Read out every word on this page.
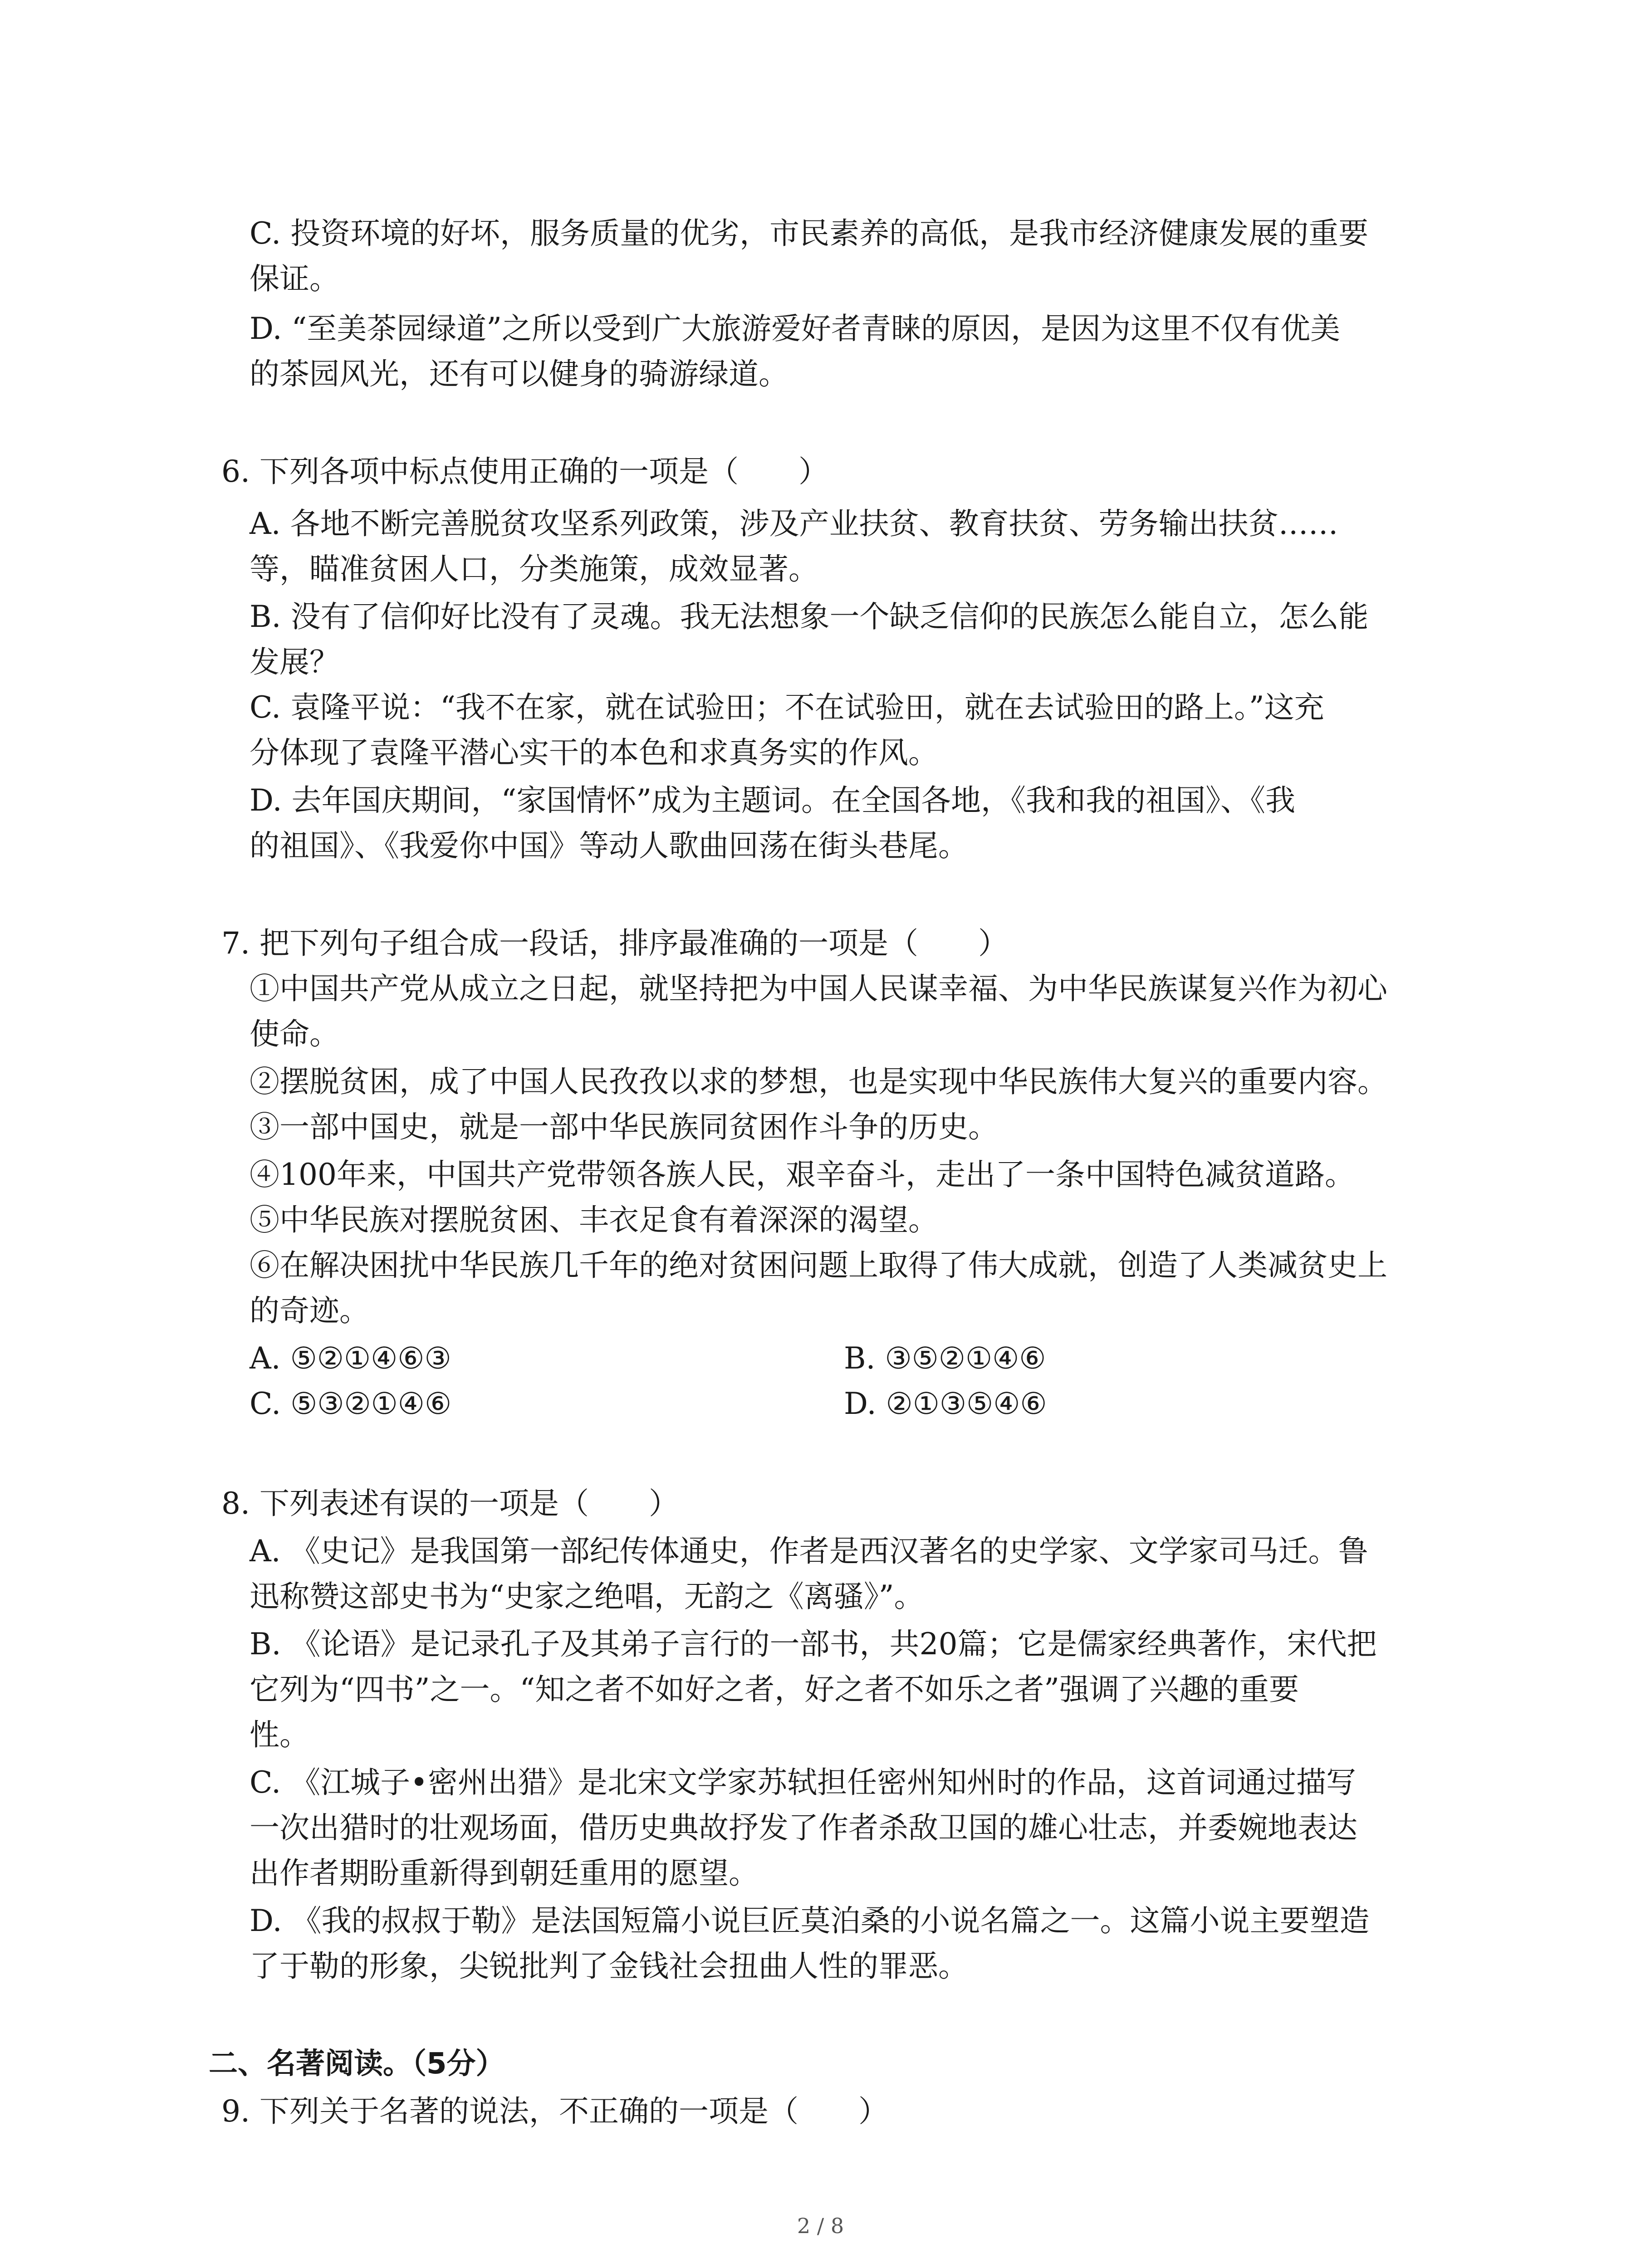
C. 投资环境的好坏，服务质量的优劣，市民素养的高低，是我市经济健康发展的重要
保证。
D. “至美茶园绿道”之所以受到广大旅游爱好者青睐的原因，是因为这里不仅有优美
的茶园风光，还有可以健身的骑游绿道。
6. 下列各项中标点使用正确的一项是（　　）
A. 各地不断完善脱贫攻坚系列政策，涉及产业扶贫、教育扶贫、劳务输出扶贫……
等，瞄准贫困人口，分类施策，成效显著。
B. 没有了信仰好比没有了灵魂。我无法想象一个缺乏信仰的民族怎么能自立，怎么能
发展？
C. 袁隆平说：“我不在家，就在试验田；不在试验田，就在去试验田的路上。”这充
分体现了袁隆平潜心实干的本色和求真务实的作风。
D. 去年国庆期间，“家国情怀”成为主题词。在全国各地，《我和我的祖国》、《我
的祖国》、《我爱你中国》等动人歌曲回荡在街头巷尾。
7. 把下列句子组合成一段话，排序最准确的一项是（　　）
①中国共产党从成立之日起，就坚持把为中国人民谋幸福、为中华民族谋复兴作为初心
使命。
②摆脱贫困，成了中国人民孜孜以求的梦想，也是实现中华民族伟大复兴的重要内容。
③一部中国史，就是一部中华民族同贫困作斗争的历史。
④100年来，中国共产党带领各族人民，艰辛奋斗，走出了一条中国特色减贫道路。
⑤中华民族对摆脱贫困、丰衣足食有着深深的渴望。
⑥在解决困扰中华民族几千年的绝对贫困问题上取得了伟大成就，创造了人类减贫史上
的奇迹。
A. ⑤②①④⑥③	B. ③⑤②①④⑥
C. ⑤③②①④⑥	D. ②①③⑤④⑥
8. 下列表述有误的一项是（　　）
A. 《史记》是我国第一部纪传体通史，作者是西汉著名的史学家、文学家司马迁。鲁
迅称赞这部史书为“史家之绝唱，无韵之《离骚》”。
B. 《论语》是记录孔子及其弟子言行的一部书，共20篇；它是儒家经典著作，宋代把
它列为“四书”之一。“知之者不如好之者，好之者不如乐之者”强调了兴趣的重要
性。
C. 《江城子•密州出猎》是北宋文学家苏轼担任密州知州时的作品，这首词通过描写
一次出猎时的壮观场面，借历史典故抒发了作者杀敌卫国的雄心壮志，并委婉地表达
出作者期盼重新得到朝廷重用的愿望。
D. 《我的叔叔于勒》是法国短篇小说巨匠莫泊桑的小说名篇之一。这篇小说主要塑造
了于勒的形象，尖锐批判了金钱社会扭曲人性的罪恶。
二、名著阅读。（5分）
9. 下列关于名著的说法，不正确的一项是（　　）
2 / 8
